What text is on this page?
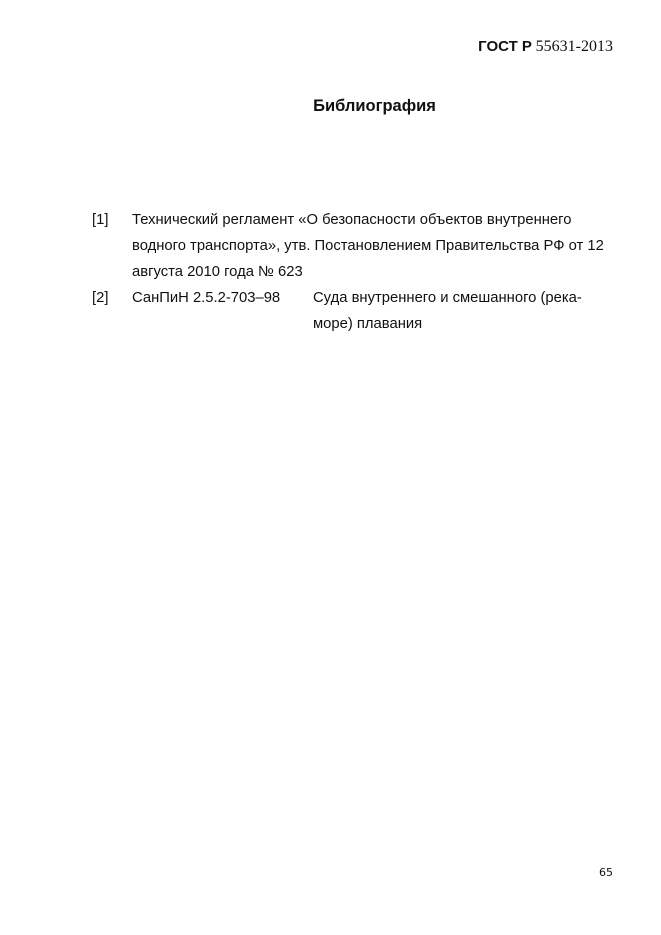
ГОСТ Р 55631-2013
Библиография
[1]	Технический регламент «О безопасности объектов внутреннего водного транспорта», утв. Постановлением Правительства РФ от 12 августа 2010 года № 623
[2]	СанПиН 2.5.2-703–98	Суда внутреннего и смешанного (река-море) плавания
65
